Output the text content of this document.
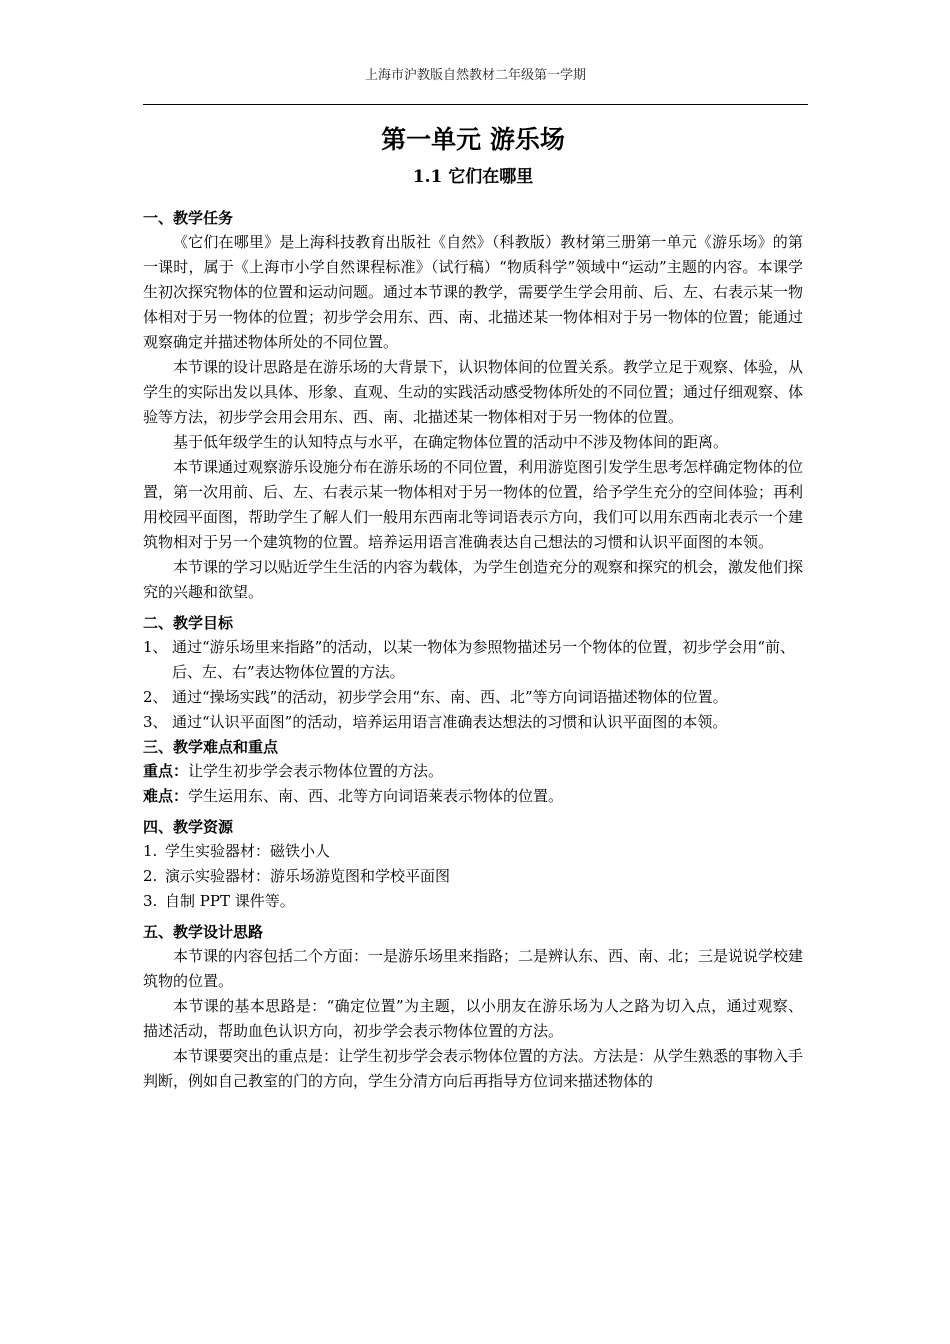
上海市沪教版自然教材二年级第一学期
第一单元 游乐场
1.1 它们在哪里
一、教学任务

《它们在哪里》是上海科技教育出版社《自然》（科教版）教材第三册第一单元《游乐场》的第一课时，属于《上海市小学自然课程标准》（试行稿）“物质科学”领域中“运动”主题的内容。本课学生初次探究物体的位置和运动问题。通过本节课的教学，需要学生学会用前、后、左、右表示某一物体相对于另一物体的位置；初步学会用东、西、南、北描述某一物体相对于另一物体的位置；能通过观察确定并描述物体所处的不同位置。

本节课的设计思路是在游乐场的大背景下，认识物体间的位置关系。教学立足于观察、体验，从学生的实际出发以具体、形象、直观、生动的实践活动感受物体所处的不同位置；通过仔细观察、体验等方法，初步学会用会用东、西、南、北描述某一物体相对于另一物体的位置。

基于低年级学生的认知特点与水平，在确定物体位置的活动中不涉及物体间的距离。

本节课通过观察游乐设施分布在游乐场的不同位置，利用游览图引发学生思考怎样确定物体的位置，第一次用前、后、左、右表示某一物体相对于另一物体的位置，给予学生充分的空间体验；再利用校园平面图，帮助学生了解人们一般用东西南北等词语表示方向，我们可以用东西南北表示一个建筑物相对于另一个建筑物的位置。培养运用语言准确表达自己想法的习惯和认识平面图的本领。

本节课的学习以贴近学生生活的内容为载体，为学生创造充分的观察和探究的机会，激发他们探究的兴趣和欲望。

二、教学目标
1、 通过“游乐场里来指路”的活动，以某一物体为参照物描述另一个物体的位置，初步学会用“前、后、左、右”表达物体位置的方法。
2、 通过“操场实践”的活动，初步学会用“东、南、西、北”等方向词语描述物体的位置。
3、 通过“认识平面图”的活动，培养运用语言准确表达想法的习惯和认识平面图的本领。
三、教学难点和重点

重点：让学生初步学会表示物体位置的方法。

难点：学生运用东、南、西、北等方向词语莱表示物体的位置。

四、教学资源

1. 学生实验器材：磁铁小人

2. 演示实验器材：游乐场游览图和学校平面图

3. 自制 PPT 课件等。

五、教学设计思路

本节课的内容包括二个方面：一是游乐场里来指路；二是辨认东、西、南、北；三是说说学校建筑物的位置。

本节课的基本思路是：“确定位置”为主题，以小朋友在游乐场为人之路为切入点，通过观察、描述活动，帮助血色认识方向，初步学会表示物体位置的方法。

本节课要突出的重点是：让学生初步学会表示物体位置的方法。方法是：从学生熟悉的事物入手判断，例如自己教室的门的方向，学生分清方向后再指导方位词来描述物体的
